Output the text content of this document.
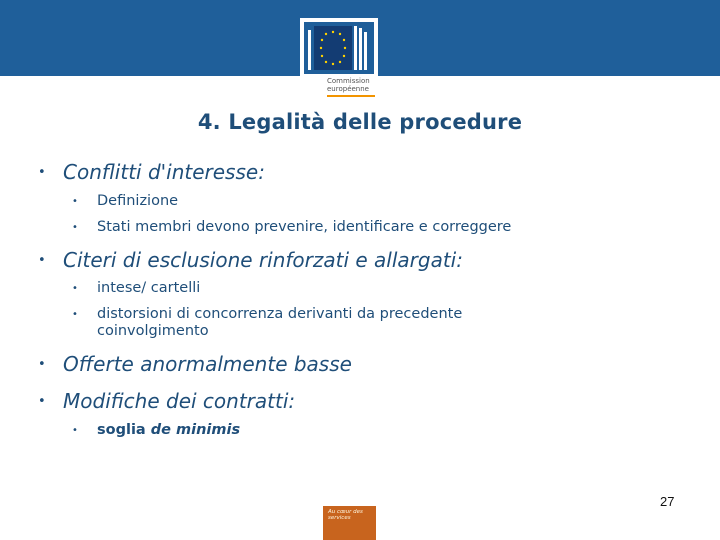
Commission
européenne
4. Legalità delle procedure
• Conflitti d'interesse:
• Definizione
• Stati membri devono prevenire, identificare e correggere
• Citeri di esclusione rinforzati e allargati:
• intese/ cartelli
• distorsioni di concorrenza derivanti da precedente coinvolgimento
• Offerte anormalmente basse
• Modifiche dei contratti:
• soglia de minimis
27
Au cœur des
services
